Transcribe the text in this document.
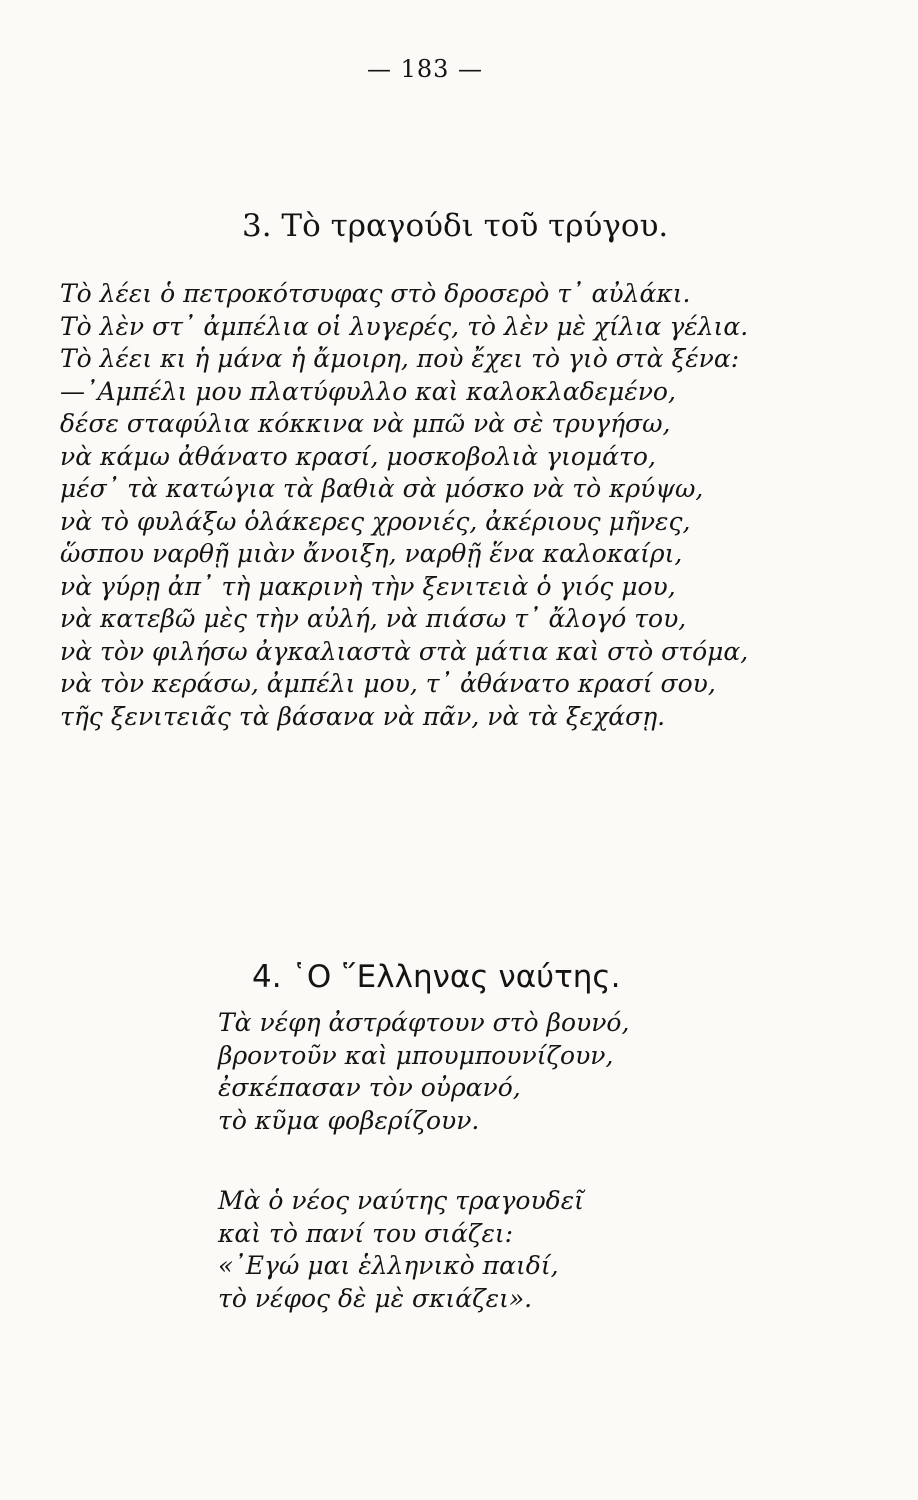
— 183 —
3. Τὸ τραγούδι τοῦ τρύγου.
Τὸ λέει ὁ πετροκότσυφας στὸ δροσερὸ τ᾿ αὐλάκι.
Τὸ λὲν στ᾿ ἀμπέλια οἱ λυγερές, τὸ λὲν μὲ χίλια γέλια.
Τὸ λέει κι ἡ μάνα ἡ ἄμοιρη, ποὺ ἔχει τὸ γιὸ στὰ ξένα:
—᾿Αμπέλι μου πλατύφυλλο καὶ καλοκλαδεμένο,
δέσε σταφύλια κόκκινα νὰ μπῶ νὰ σὲ τρυγήσω,
νὰ κάμω ἀθάνατο κρασί, μοσκοβολιὰ γιομάτο,
μέσ᾿ τὰ κατώγια τὰ βαθιὰ σὰ μόσκο νὰ τὸ κρύψω,
νὰ τὸ φυλάξω ὁλάκερες χρονιές, ἀκέριους μῆνες,
ὥσπου ναρθῇ μιὰν ἄνοιξη, ναρθῇ ἕνα καλοκαίρι,
νὰ γύρῃ ἀπ᾿ τὴ μακρινὴ τὴν ξενιτειὰ ὁ γιός μου,
νὰ κατεβῶ μὲς τὴν αὐλή, νὰ πιάσω τ᾿ ἄλογό του,
νὰ τὸν φιλήσω ἀγκαλιαστὰ στὰ μάτια καὶ στὸ στόμα,
νὰ τὸν κεράσω, ἀμπέλι μου, τ᾿ ἀθάνατο κρασί σου,
τῆς ξενιτειᾶς τὰ βάσανα νὰ πᾶν, νὰ τὰ ξεχάσῃ.
4. ῾Ο ῞Ελληνας ναύτης.
Τὰ νέφη ἀστράφτουν στὸ βουνό,
βροντοῦν καὶ μπουμπουνίζουν,
ἐσκέπασαν τὸν οὐρανό,
τὸ κῦμα φοβερίζουν.
Μὰ ὁ νέος ναύτης τραγουδεῖ
καὶ τὸ πανί του σιάζει:
«᾿Εγώ μαι ἑλληνικὸ παιδί,
τὸ νέφος δὲ μὲ σκιάζει».
